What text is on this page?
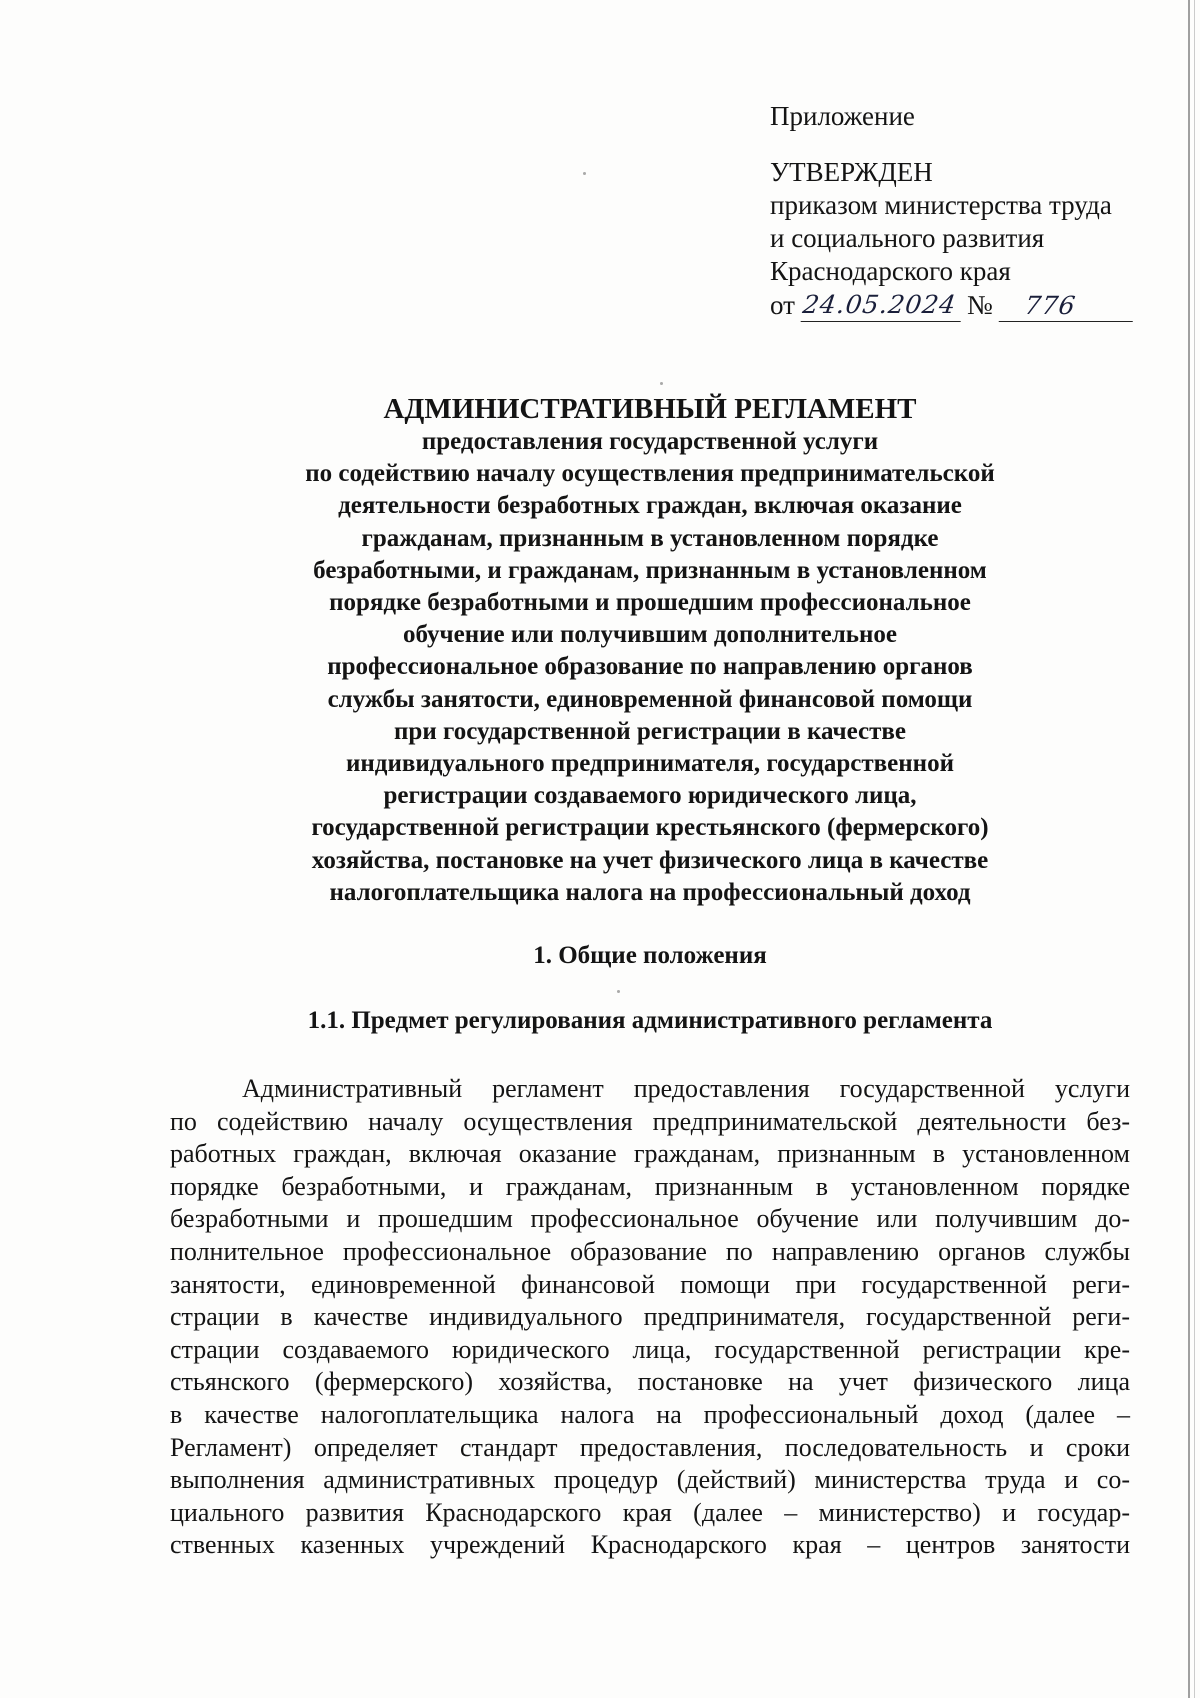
Приложение
УТВЕРЖДЕН
приказом министерства труда
и социального развития
Краснодарского края
от 24.05.2024 №	776
АДМИНИСТРАТИВНЫЙ РЕГЛАМЕНТ
предоставления государственной услуги
по содействию началу осуществления предпринимательской
деятельности безработных граждан, включая оказание
гражданам, признанным в установленном порядке
безработными, и гражданам, признанным в установленном
порядке безработными и прошедшим профессиональное
обучение или получившим дополнительное
профессиональное образование по направлению органов
службы занятости, единовременной финансовой помощи
при государственной регистрации в качестве
индивидуального предпринимателя, государственной
регистрации создаваемого юридического лица,
государственной регистрации крестьянского (фермерского)
хозяйства, постановке на учет физического лица в качестве
налогоплательщика налога на профессиональный доход
1. Общие положения
1.1. Предмет регулирования административного регламента
Административный регламент предоставления государственной услуги
по содействию началу осуществления предпринимательской деятельности без-
работных граждан, включая оказание гражданам, признанным в установленном
порядке безработными, и гражданам, признанным в установленном порядке
безработными и прошедшим профессиональное обучение или получившим до-
полнительное профессиональное образование по направлению органов службы
занятости, единовременной финансовой помощи при государственной реги-
страции в качестве индивидуального предпринимателя, государственной реги-
страции создаваемого юридического лица, государственной регистрации кре-
стьянского (фермерского) хозяйства, постановке на учет физического лица
в качестве налогоплательщика налога на профессиональный доход (далее –
Регламент) определяет стандарт предоставления, последовательность и сроки
выполнения административных процедур (действий) министерства труда и со-
циального развития Краснодарского края (далее – министерство) и государ-
ственных казенных учреждений Краснодарского края – центров занятости
